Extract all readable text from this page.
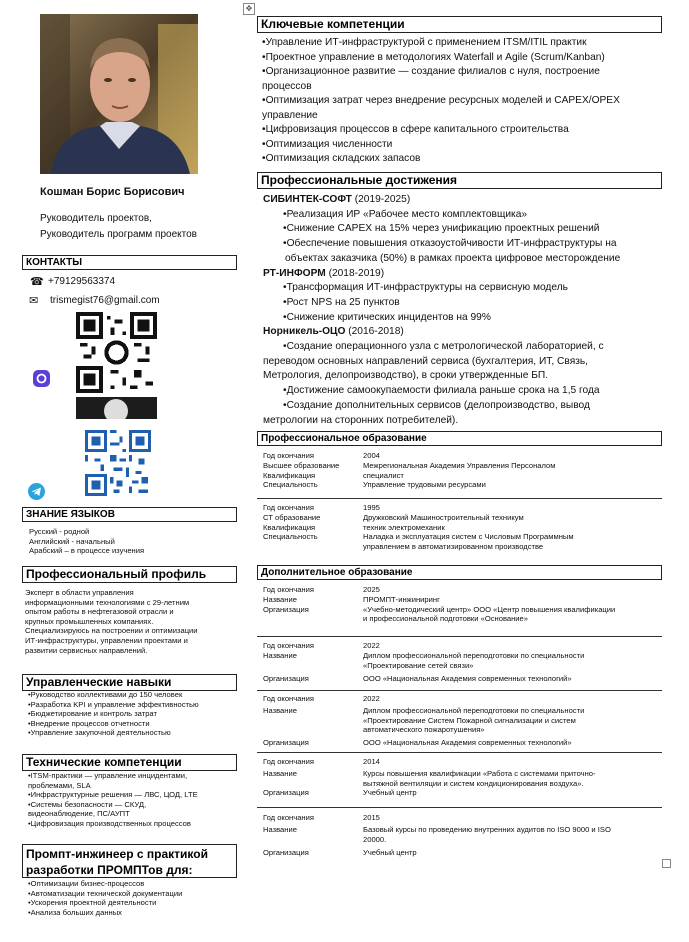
✥
Кошман Борис Борисович
Руководитель проектов,
Руководитель программ проектов
КОНТАКТЫ
☎ +79129563374
✉ trismegist76@gmail.com
ЗНАНИЕ ЯЗЫКОВ
Русский - родной
Английский - начальный
Арабский – в процессе изучения
Профессиональный профиль
Эксперт в области управления
информационными технологиями с 29-летним
опытом работы в нефтегазовой отрасли и
крупных промышленных компаниях.
Специализируюсь на построении и оптимизации
ИТ-инфраструктуры, управлении проектами и
развитии сервисных направлений.
Управленческие навыки
•Руководство коллективами до 150 человек
•Разработка KPI и управление эффективностью
•Бюджетирование и контроль затрат
•Внедрение процессов отчетности
•Управление закупочной деятельностью
Технические компетенции
•ITSM-практики — управление инцидентами,
проблемами, SLA
•Инфраструктурные решения — ЛВС, ЦОД, LTE
•Системы безопасности — СКУД,
видеонаблюдение, ПС/АУПТ
•Цифровизация производственных процессов
Промпт-инжинеер с практикой
разработки ПРОМПТов для:
•Оптимизации бизнес-процессов
•Автоматизации технической документации
•Ускорения проектной деятельности
•Анализа больших данных
Ключевые компетенции
•Управление ИТ-инфраструктурой с применением ITSM/ITIL практик
•Проектное управление в методологиях Waterfall и Agile (Scrum/Kanban)
•Организационное развитие — создание филиалов с нуля, построение
процессов
•Оптимизация затрат через внедрение ресурсных моделей и CAPEX/OPEX
управление
•Цифровизация процессов в сфере капитального строительства
•Оптимизация численности
•Оптимизация складских запасов
Профессиональные достижения
СИБИНТЕК-СОФТ (2019-2025)
•Реализация ИР «Рабочее место комплектовщика»
•Снижение CAPEX на 15% через унификацию проектных решений
•Обеспечение повышения отказоустойчивости ИТ-инфраструктуры на
объектах заказчика (50%) в рамках проекта цифровое месторождение
РТ-ИНФОРМ (2018-2019)
•Трансформация ИТ-инфраструктуры на сервисную модель
•Рост NPS на 25 пунктов
•Снижение критических инцидентов на 99%
Норникель-ОЦО (2016-2018)
•Создание операционного узла с метрологической лабораторией, с
переводом основных направлений сервиса (бухгалтерия, ИТ, Связь,
Метрология, делопроизводство), в сроки утвержденные БП.
•Достижение самоокупаемости филиала раньше срока на 1,5 года
•Создание дополнительных сервисов (делопроизводство, вывод
метрологии на сторонних потребителей).
Профессиональное образование
Год окончания	2004
Высшее образование	Межрегиональная Академия Управления Персоналом
Квалификация	специалист
Специальность	Управление трудовыми ресурсами
Год окончания	1995
СТ образование	Дружковский Машиностроительный техникум
Квалификация	техник электромеханик
Специальность	Наладка и эксплуатация систем с Числовым Программным
управлением в автоматизированном производстве
Дополнительное образование
Год окончания	2025
Название	ПРОМПТ-инжиниринг
Организация	«Учебно-методический центр» ООО «Центр повышения квалификации
и профессиональной подготовки «Основание»
Год окончания	2022
Название	Диплом профессиональной переподготовки по специальности
«Проектирование сетей связи»
Организация	ООО «Национальная Академия современных технологий»
Год окончания	2022
Название	Диплом профессиональной переподготовки по специальности
«Проектирование Систем Пожарной сигнализации и систем
автоматического пожаротушения»
Организация	ООО «Национальная Академия современных технологий»
Год окончания	2014
Название	Курсы повышения квалификации «Работа с системами приточно-
вытяжной вентиляции и систем кондиционирования воздуха».
Организация	Учебный центр
Год окончания	2015
Название	Базовый курсы по проведению внутренних аудитов по ISO 9000 и ISO
20000.
Организация	Учебный центр
